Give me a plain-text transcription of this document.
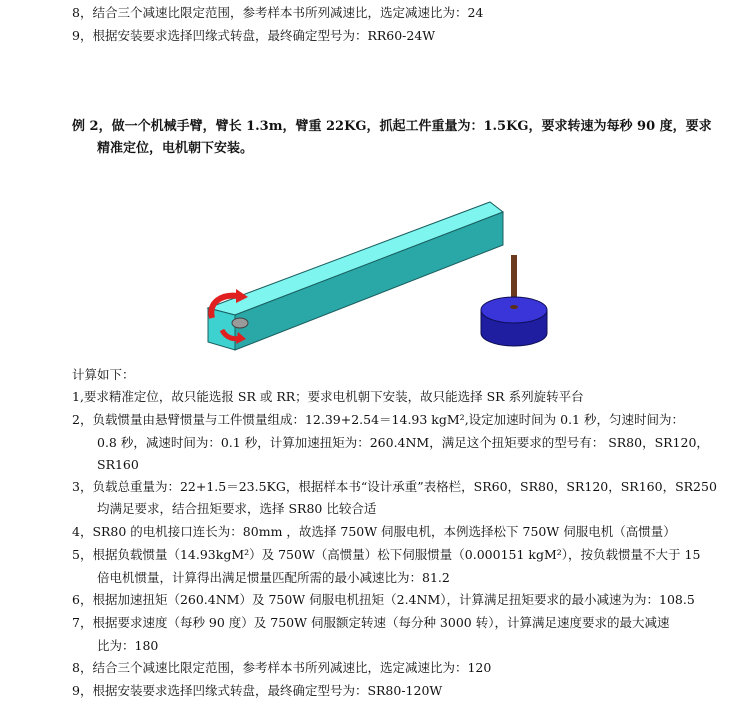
8，结合三个减速比限定范围，参考样本书所列减速比，选定减速比为：24
9，根据安装要求选择凹缘式转盘，最终确定型号为：RR60-24W
例 2，做一个机械手臂，臂长 1.3m，臂重 22KG，抓起工件重量为：1.5KG，要求转速为每秒 90 度，要求
精准定位，电机朝下安装。
计算如下：
1,要求精准定位，故只能选报 SR 或 RR；要求电机朝下安装，故只能选择 SR 系列旋转平台
2，负载惯量由悬臂惯量与工件惯量组成：12.39+2.54＝14.93 kgM²,设定加速时间为 0.1 秒，匀速时间为：
0.8 秒，减速时间为：0.1 秒，计算加速扭矩为：260.4NM，满足这个扭矩要求的型号有： SR80，SR120，
SR160
3，负载总重量为：22+1.5＝23.5KG，根据样本书“设计承重”表格栏，SR60，SR80，SR120，SR160，SR250
均满足要求，结合扭矩要求，选择 SR80 比较合适
4，SR80 的电机接口连长为：80mm ，故选择 750W 伺服电机，本例选择松下 750W 伺服电机（高惯量）
5，根据负载惯量（14.93kgM²）及 750W（高惯量）松下伺服惯量（0.000151 kgM²），按负载惯量不大于 15
倍电机惯量，计算得出满足惯量匹配所需的最小减速比为：81.2
6，根据加速扭矩（260.4NM）及 750W 伺服电机扭矩（2.4NM），计算满足扭矩要求的最小减速为为：108.5
7，根据要求速度（每秒 90 度）及 750W 伺服额定转速（每分种 3000 转），计算满足速度要求的最大减速
比为：180
8，结合三个减速比限定范围，参考样本书所列减速比，选定减速比为：120
9，根据安装要求选择凹缘式转盘，最终确定型号为：SR80-120W
